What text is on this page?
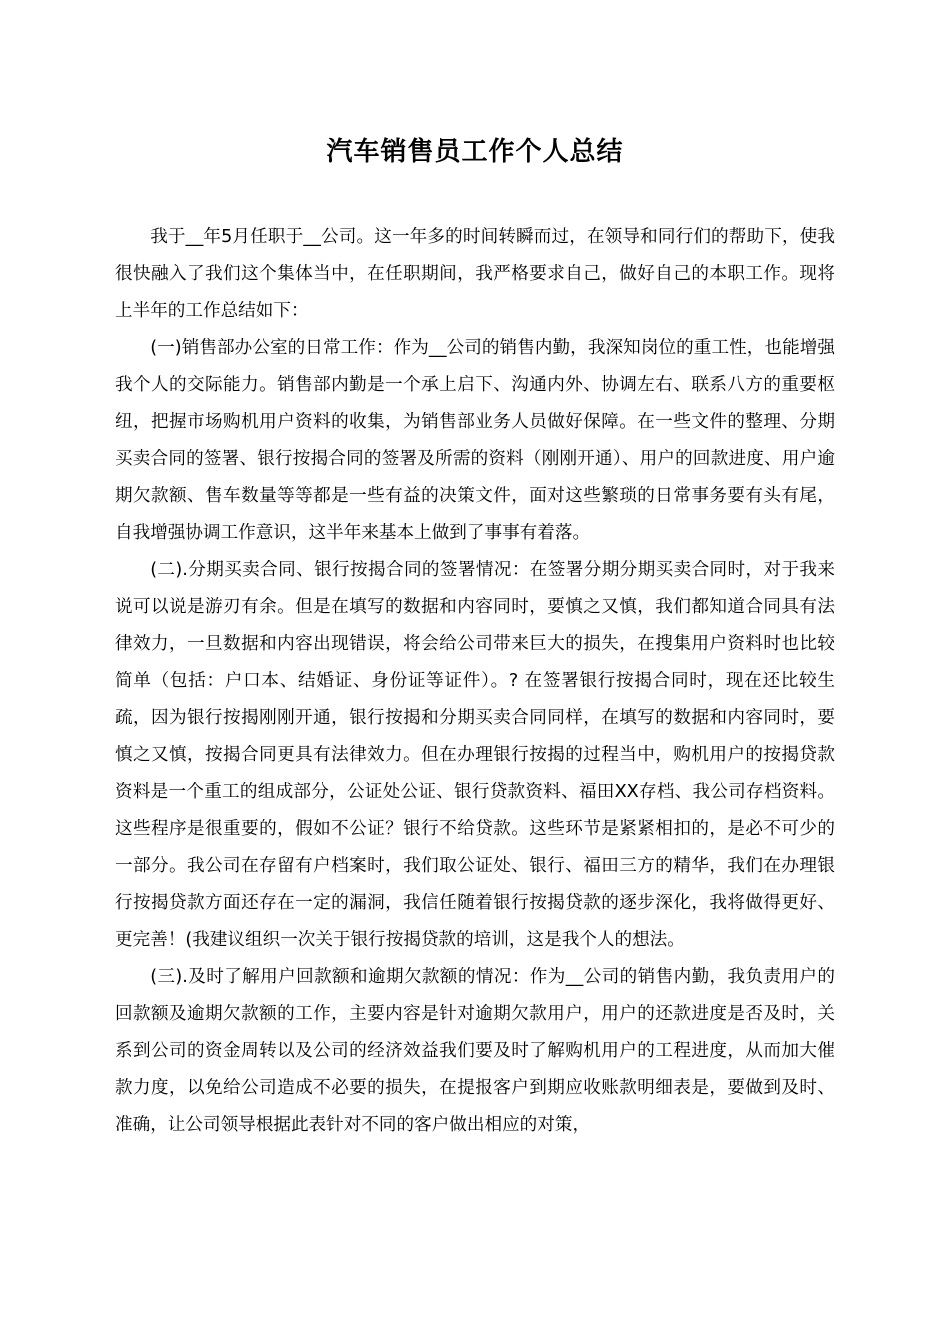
汽车销售员工作个人总结

我于__年5月任职于__公司。这一年多的时间转瞬而过，在领导和同行们的帮助下，使我很快融入了我们这个集体当中，在任职期间，我严格要求自己，做好自己的本职工作。现将上半年的工作总结如下：

(一)销售部办公室的日常工作：作为__公司的销售内勤，我深知岗位的重工性，也能增强我个人的交际能力。销售部内勤是一个承上启下、沟通内外、协调左右、联系八方的重要枢纽，把握市场购机用户资料的收集，为销售部业务人员做好保障。在一些文件的整理、分期买卖合同的签署、银行按揭合同的签署及所需的资料（刚刚开通）、用户的回款进度、用户逾期欠款额、售车数量等等都是一些有益的决策文件，面对这些繁琐的日常事务要有头有尾，自我增强协调工作意识，这半年来基本上做到了事事有着落。

(二).分期买卖合同、银行按揭合同的签署情况：在签署分期分期买卖合同时，对于我来说可以说是游刃有余。但是在填写的数据和内容同时，要慎之又慎，我们都知道合同具有法律效力，一旦数据和内容出现错误，将会给公司带来巨大的损失，在搜集用户资料时也比较简单（包括：户口本、结婚证、身份证等证件）。? 在签署银行按揭合同时，现在还比较生疏，因为银行按揭刚刚开通，银行按揭和分期买卖合同同样，在填写的数据和内容同时，要慎之又慎，按揭合同更具有法律效力。但在办理银行按揭的过程当中，购机用户的按揭贷款资料是一个重工的组成部分，公证处公证、银行贷款资料、福田XX存档、我公司存档资料。这些程序是很重要的，假如不公证？银行不给贷款。这些环节是紧紧相扣的，是必不可少的一部分。我公司在存留有户档案时，我们取公证处、银行、福田三方的精华，我们在办理银行按揭贷款方面还存在一定的漏洞，我信任随着银行按揭贷款的逐步深化，我将做得更好、更完善！(我建议组织一次关于银行按揭贷款的培训，这是我个人的想法。

(三).及时了解用户回款额和逾期欠款额的情况：作为__公司的销售内勤，我负责用户的回款额及逾期欠款额的工作，主要内容是针对逾期欠款用户，用户的还款进度是否及时，关系到公司的资金周转以及公司的经济效益我们要及时了解购机用户的工程进度，从而加大催款力度，以免给公司造成不必要的损失，在提报客户到期应收账款明细表是，要做到及时、准确，让公司领导根据此表针对不同的客户做出相应的对策，
